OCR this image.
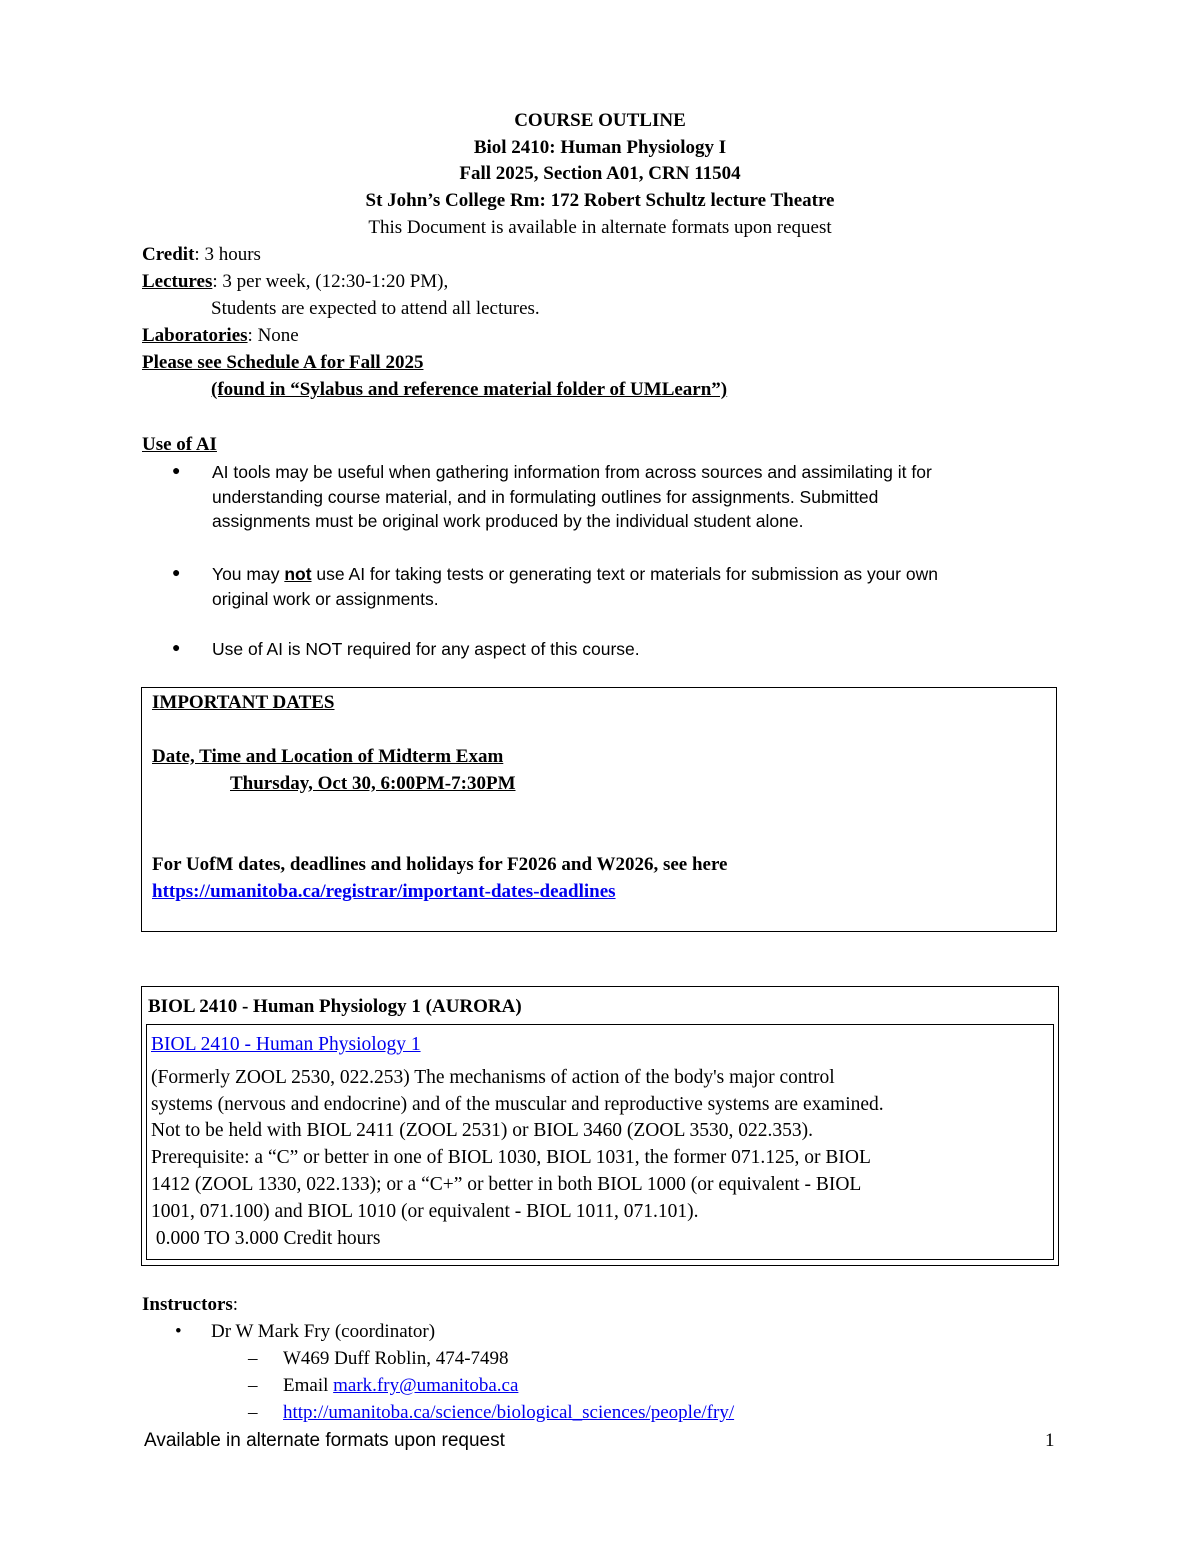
COURSE OUTLINE
Biol 2410: Human Physiology I
Fall 2025, Section A01, CRN 11504
St John’s College Rm: 172 Robert Schultz lecture Theatre
This Document is available in alternate formats upon request
Credit: 3 hours
Lectures: 3 per week, (12:30-1:20 PM),
Students are expected to attend all lectures.
Laboratories: None
Please see Schedule A for Fall 2025
(found in “Sylabus and reference material folder of UMLearn”)
Use of AI
● AI tools may be useful when gathering information from across sources and assimilating it for
understanding course material, and in formulating outlines for assignments. Submitted
assignments must be original work produced by the individual student alone.
● You may not use AI for taking tests or generating text or materials for submission as your own
original work or assignments.
● Use of AI is NOT required for any aspect of this course.
IMPORTANT DATES
Date, Time and Location of Midterm Exam
Thursday, Oct 30, 6:00PM-7:30PM
For UofM dates, deadlines and holidays for F2026 and W2026, see here
https://umanitoba.ca/registrar/important-dates-deadlines
BIOL 2410 - Human Physiology 1 (AURORA)
BIOL 2410 - Human Physiology 1
(Formerly ZOOL 2530, 022.253) The mechanisms of action of the body's major control
systems (nervous and endocrine) and of the muscular and reproductive systems are examined.
Not to be held with BIOL 2411 (ZOOL 2531) or BIOL 3460 (ZOOL 3530, 022.353).
Prerequisite: a “C” or better in one of BIOL 1030, BIOL 1031, the former 071.125, or BIOL
1412 (ZOOL 1330, 022.133); or a “C+” or better in both BIOL 1000 (or equivalent - BIOL
1001, 071.100) and BIOL 1010 (or equivalent - BIOL 1011, 071.101).
0.000 TO 3.000 Credit hours
Instructors:
• Dr W Mark Fry (coordinator)
– W469 Duff Roblin, 474-7498
– Email mark.fry@umanitoba.ca
– http://umanitoba.ca/science/biological_sciences/people/fry/
Available in alternate formats upon request	1
